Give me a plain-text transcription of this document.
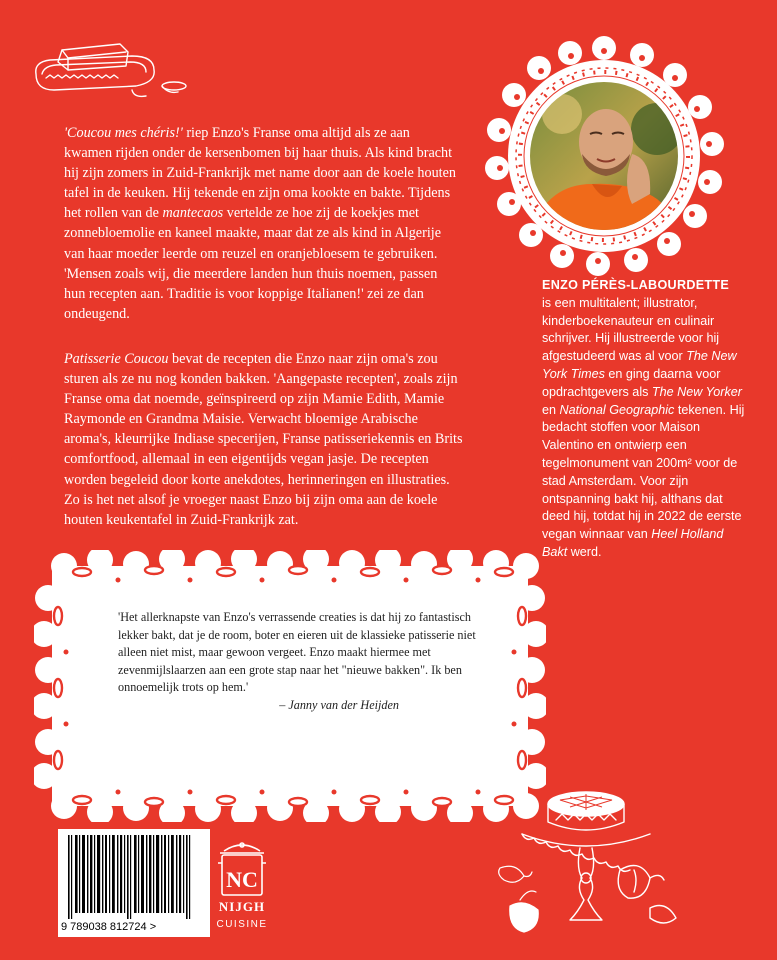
'Coucou mes chéris!' riep Enzo's Franse oma altijd als ze aan kwamen rijden onder de kersenbomen bij haar thuis. Als kind bracht hij zijn zomers in Zuid-Frankrijk met name door aan de koele houten tafel in de keuken. Hij tekende en zijn oma kookte en bakte. Tijdens het rollen van de mantecaos vertelde ze hoe zij de koekjes met zonnebloemolie en kaneel maakte, maar dat ze als kind in Algerije van haar moeder leerde om reuzel en oranjebloesem te gebruiken. 'Mensen zoals wij, die meerdere landen hun thuis noemen, passen hun recepten aan. Traditie is voor koppige Italianen!' zei ze dan ondeugend.

Patisserie Coucou bevat de recepten die Enzo naar zijn oma's zou sturen als ze nu nog konden bakken. 'Aangepaste recepten', zoals zijn Franse oma dat noemde, geïnspireerd op zijn Mamie Edith, Mamie Raymonde en Grandma Maisie. Verwacht bloemige Arabische aroma's, kleurrijke Indiase specerijen, Franse patisseriekennis en Brits comfortfood, allemaal in een eigentijds vegan jasje. De recepten worden begeleid door korte anekdotes, herinneringen en illustraties. Zo is het net alsof je vroeger naast Enzo bij zijn oma aan de koele houten keukentafel in Zuid-Frankrijk zat.

ENZO PÉRÈS-LABOURDETTE
is een multitalent; illustrator, kinderboekenauteur en culinair schrijver. Hij illustreerde voor hij afgestudeerd was al voor The New York Times en ging daarna voor opdrachtgevers als The New Yorker en National Geographic tekenen. Hij bedacht stoffen voor Maison Valentino en ontwierp een tegelmonument van 200m² voor de stad Amsterdam. Voor zijn ontspanning bakt hij, althans dat deed hij, totdat hij in 2022 de eerste vegan winnaar van Heel Holland Bakt werd.
'Het allerknapste van Enzo's verrassende creaties is dat hij zo fantastisch lekker bakt, dat je de room, boter en eieren uit de klassieke patisserie niet alleen niet mist, maar gewoon vergeet. Enzo maakt hiermee met zevenmijlslaarzen aan een grote stap naar het "nieuwe bakken". Ik ben onnoemelijk trots op hem.'
– Janny van der Heijden
9 789038 812724 >
NC
NIJGH
CUISINE
